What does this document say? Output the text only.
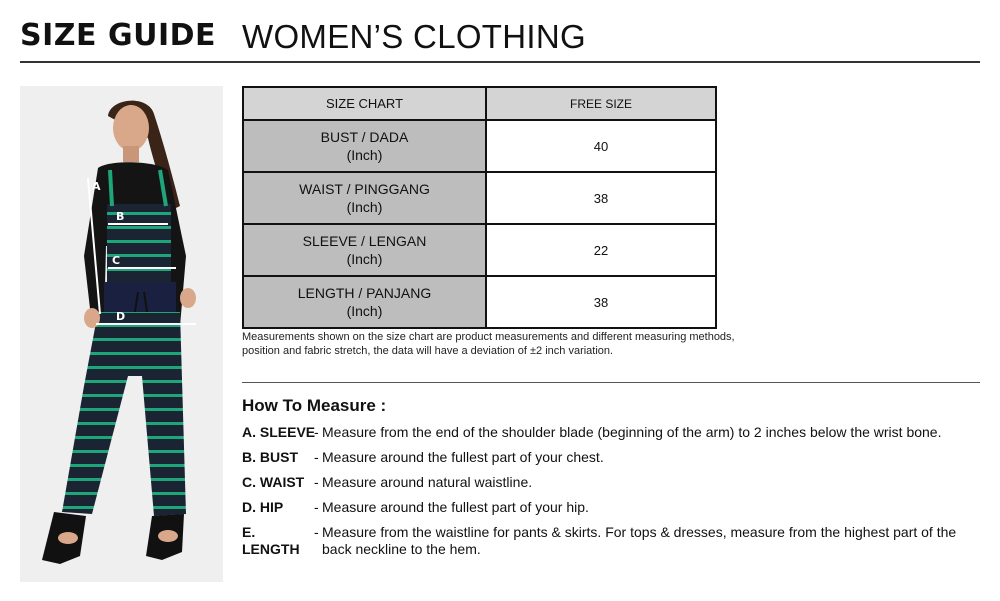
SIZE GUIDE WOMEN’S CLOTHING
A
B
C
D
SIZE CHART	FREE SIZE

BUST / DADA
(Inch)	40

WAIST / PINGGANG
(Inch)	38

SLEEVE / LENGAN
(Inch)	22

LENGTH / PANJANG
(Inch)	38
Measurements shown on the size chart are product measurements and different measuring methods, position and fabric stretch, the data will have a deviation of ±2 inch variation.
How To Measure :
A. SLEEVE
- Measure from the end of the shoulder blade (beginning of the arm) to 2 inches below the wrist bone.
B. BUST	- Measure around the fullest part of your chest.
C. WAIST - Measure around natural waistline.
D. HIP	- Measure around the fullest part of your hip.
E. LENGTH
- Measure from the waistline for pants & skirts. For tops & dresses, measure from the highest part of the back neckline to the hem.
